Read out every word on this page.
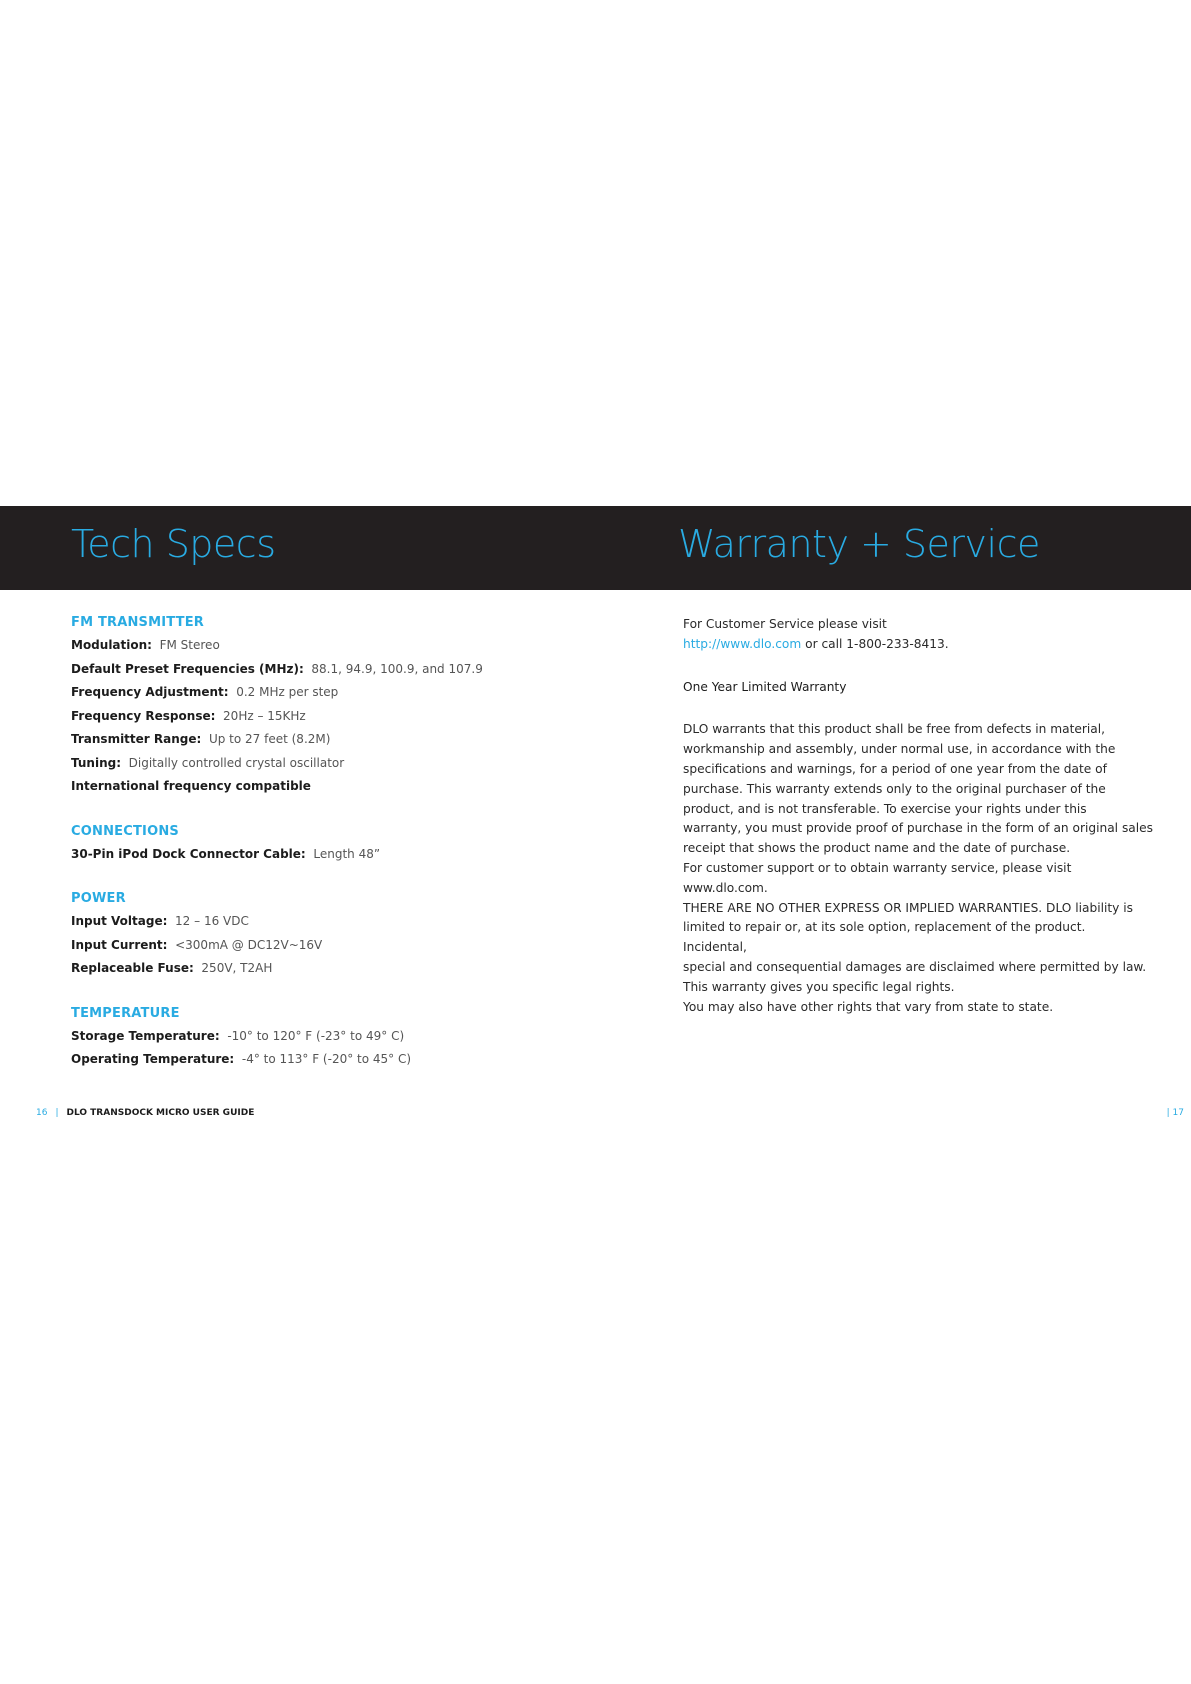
Tech Specs	Warranty + Service
FM TRANSMITTER
Modulation: FM Stereo
Default Preset Frequencies (MHz): 88.1, 94.9, 100.9, and 107.9
Frequency Adjustment: 0.2 MHz per step
Frequency Response: 20Hz – 15KHz
Transmitter Range: Up to 27 feet (8.2M)
Tuning: Digitally controlled crystal oscillator
International frequency compatible
CONNECTIONS
30-Pin iPod Dock Connector Cable: Length 48”
POWER
Input Voltage: 12 – 16 VDC
Input Current: <300mA @ DC12V~16V
Replaceable Fuse: 250V, T2AH
TEMPERATURE
Storage Temperature: -10° to 120° F (-23° to 49° C)
Operating Temperature: -4° to 113° F (-20° to 45° C)

For Customer Service please visit

http://www.dlo.com or call 1-800-233-8413.

One Year Limited Warranty

DLO warrants that this product shall be free from defects in material,

workmanship and assembly, under normal use, in accordance with the

specifications and warnings, for a period of one year from the date of

purchase. This warranty extends only to the original purchaser of the

product, and is not transferable. To exercise your rights under this

warranty, you must provide proof of purchase in the form of an original sales

receipt that shows the product name and the date of purchase.

For customer support or to obtain warranty service, please visit www.dlo.com.

THERE ARE NO OTHER EXPRESS OR IMPLIED WARRANTIES. DLO liability is

limited to repair or, at its sole option, replacement of the product. Incidental,

special and consequential damages are disclaimed where permitted by law.

This warranty gives you specific legal rights.

You may also have other rights that vary from state to state.

16 | DLO TRANSDOCK MICRO USER GUIDE	| 17
